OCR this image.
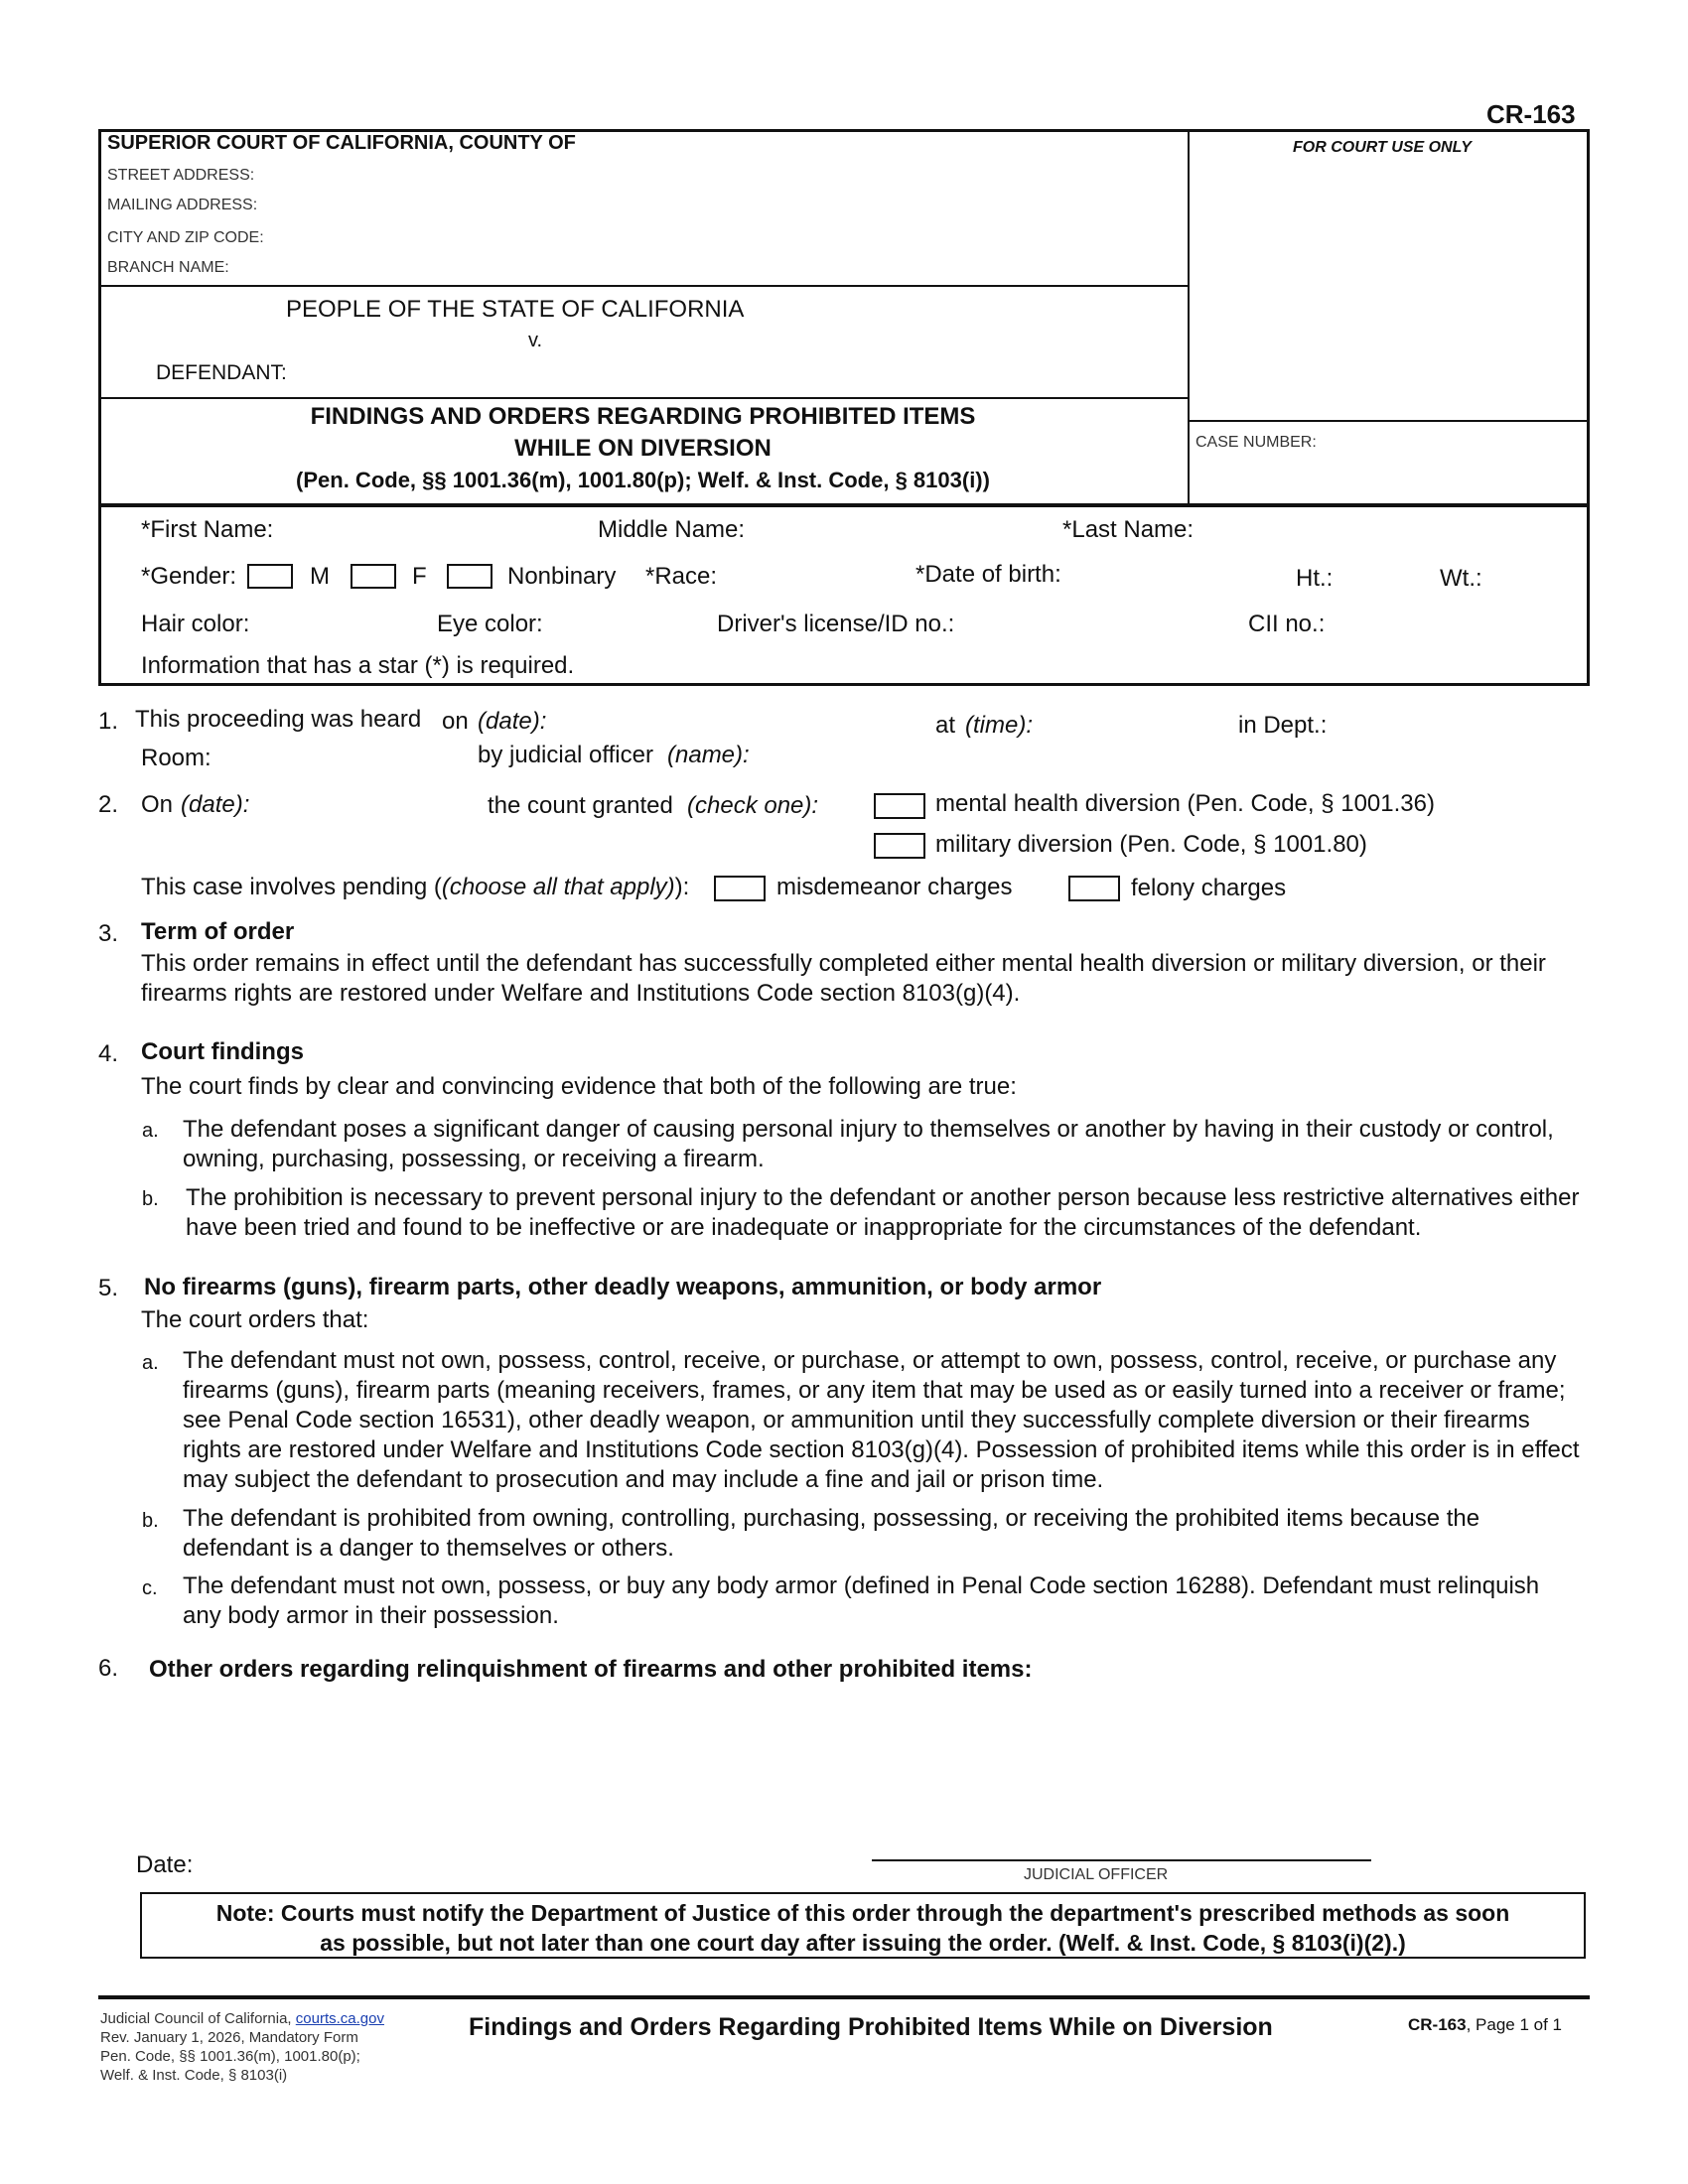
CR-163
SUPERIOR COURT OF CALIFORNIA, COUNTY OF
STREET ADDRESS:
MAILING ADDRESS:
CITY AND ZIP CODE:
BRANCH NAME:
FOR COURT USE ONLY
CASE NUMBER:
PEOPLE OF THE STATE OF CALIFORNIA
v.
DEFENDANT:
FINDINGS AND ORDERS REGARDING PROHIBITED ITEMS
WHILE ON DIVERSION
(Pen. Code, §§ 1001.36(m), 1001.80(p); Welf. & Inst. Code, § 8103(i))
*First Name:	Middle Name:	*Last Name:
*Gender:	M	F	Nonbinary *Race:	*Date of birth:	Ht.:	Wt.:
Hair color:	Eye color:	Driver's license/ID no.:	CII no.:
Information that has a star (*) is required.
1. This proceeding was heard on (date):	at (time):	in Dept.:
Room:	by judicial officer (name):
2. On (date):	the count granted (check one):	mental health diversion (Pen. Code, § 1001.36)
military diversion (Pen. Code, § 1001.80)
This case involves pending ((choose all that apply)):	misdemeanor charges	felony charges
3. Term of order
This order remains in effect until the defendant has successfully completed either mental health diversion or military diversion, or their firearms rights are restored under Welfare and Institutions Code section 8103(g)(4).
4. Court findings
The court finds by clear and convincing evidence that both of the following are true:
a. The defendant poses a significant danger of causing personal injury to themselves or another by having in their custody or control, owning, purchasing, possessing, or receiving a firearm.
b. The prohibition is necessary to prevent personal injury to the defendant or another person because less restrictive alternatives either have been tried and found to be ineffective or are inadequate or inappropriate for the circumstances of the defendant.
5. No firearms (guns), firearm parts, other deadly weapons, ammunition, or body armor
The court orders that:
a. The defendant must not own, possess, control, receive, or purchase, or attempt to own, possess, control, receive, or purchase any firearms (guns), firearm parts (meaning receivers, frames, or any item that may be used as or easily turned into a receiver or frame; see Penal Code section 16531), other deadly weapon, or ammunition until they successfully complete diversion or their firearms rights are restored under Welfare and Institutions Code section 8103(g)(4). Possession of prohibited items while this order is in effect may subject the defendant to prosecution and may include a fine and jail or prison time.
b. The defendant is prohibited from owning, controlling, purchasing, possessing, or receiving the prohibited items because the defendant is a danger to themselves or others.
c. The defendant must not own, possess, or buy any body armor (defined in Penal Code section 16288). Defendant must relinquish any body armor in their possession.
6. Other orders regarding relinquishment of firearms and other prohibited items:
Date:	JUDICIAL OFFICER
Note: Courts must notify the Department of Justice of this order through the department's prescribed methods as soon
as possible, but not later than one court day after issuing the order. (Welf. & Inst. Code, § 8103(i)(2).)
Judicial Council of California, courts.ca.gov
Rev. January 1, 2026, Mandatory Form
Pen. Code, §§ 1001.36(m), 1001.80(p);
Welf. & Inst. Code, § 8103(i)
Findings and Orders Regarding Prohibited Items While on Diversion	CR-163, Page 1 of 1
